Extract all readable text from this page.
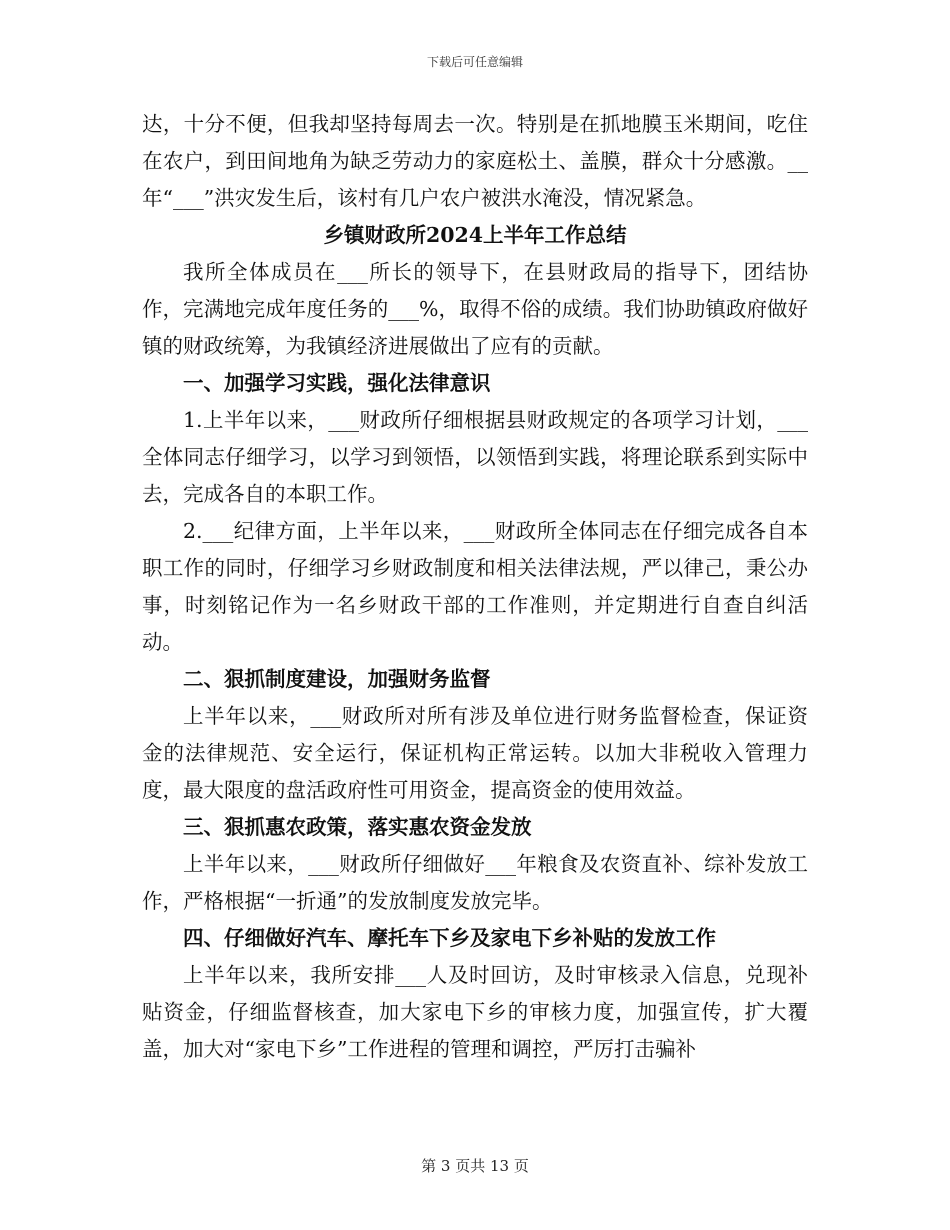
下载后可任意编辑

达，十分不便，但我却坚持每周去一次。特别是在抓地膜玉米期间，吃住在农户，到田间地角为缺乏劳动力的家庭松土、盖膜，群众十分感激。__年“___”洪灾发生后，该村有几户农户被洪水淹没，情况紧急。

乡镇财政所2024上半年工作总结

我所全体成员在___所长的领导下，在县财政局的指导下，团结协作，完满地完成年度任务的___%，取得不俗的成绩。我们协助镇政府做好镇的财政统筹，为我镇经济进展做出了应有的贡献。

一、加强学习实践，强化法律意识

1.上半年以来，___财政所仔细根据县财政规定的各项学习计划，___全体同志仔细学习，以学习到领悟，以领悟到实践，将理论联系到实际中去，完成各自的本职工作。

2.___纪律方面，上半年以来，___财政所全体同志在仔细完成各自本职工作的同时，仔细学习乡财政制度和相关法律法规，严以律己，秉公办事，时刻铭记作为一名乡财政干部的工作准则，并定期进行自查自纠活动。

二、狠抓制度建设，加强财务监督

上半年以来，___财政所对所有涉及单位进行财务监督检查，保证资金的法律规范、安全运行，保证机构正常运转。以加大非税收入管理力度，最大限度的盘活政府性可用资金，提高资金的使用效益。

三、狠抓惠农政策，落实惠农资金发放

上半年以来，___财政所仔细做好___年粮食及农资直补、综补发放工作，严格根据“一折通”的发放制度发放完毕。

四、仔细做好汽车、摩托车下乡及家电下乡补贴的发放工作

上半年以来，我所安排___人及时回访，及时审核录入信息，兑现补贴资金，仔细监督核查，加大家电下乡的审核力度，加强宣传，扩大覆盖，加大对“家电下乡”工作进程的管理和调控，严厉打击骗补

第 3 页共 13 页
